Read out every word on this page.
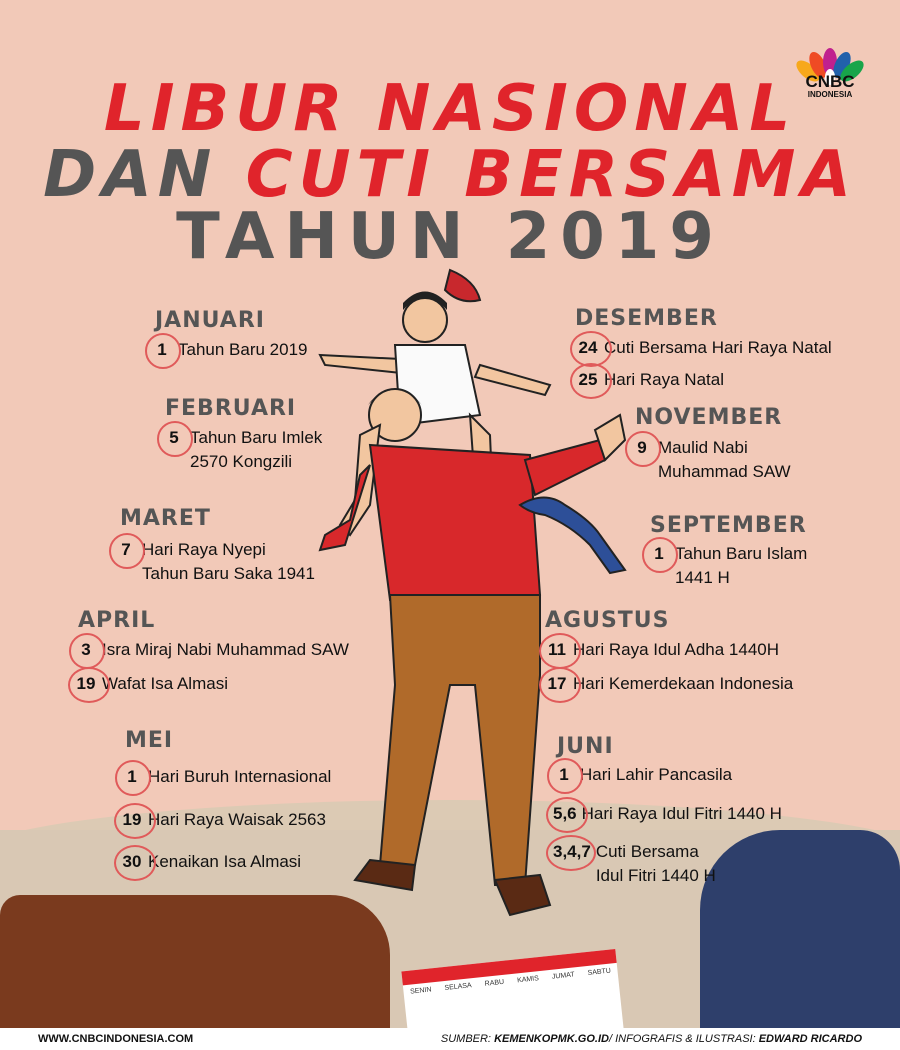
LIBUR NASIONAL
DAN CUTI BERSAMA
TAHUN 2019
CNBC
INDONESIA
SENIN SELASA RABU KAMIS JUMAT SABTU
JANUARI
1 Tahun Baru 2019
FEBRUARI
5 Tahun Baru Imlek
2570 Kongzili
MARET
7 Hari Raya Nyepi
Tahun Baru Saka 1941
APRIL
3 Isra Miraj Nabi Muhammad SAW
19 Wafat Isa Almasi
MEI
1 Hari Buruh Internasional
19 Hari Raya Waisak 2563
30 Kenaikan Isa Almasi
DESEMBER
24 Cuti Bersama Hari Raya Natal
25 Hari Raya Natal
NOVEMBER
9 Maulid Nabi
Muhammad SAW
SEPTEMBER
1 Tahun Baru Islam
1441 H
AGUSTUS
11 Hari Raya Idul Adha 1440H
17 Hari Kemerdekaan Indonesia
JUNI
1 Hari Lahir Pancasila
5,6 Hari Raya Idul Fitri 1440 H
3,4,7 Cuti Bersama
Idul Fitri 1440 H
WWW.CNBCINDONESIA.COM	SUMBER: KEMENKOPMK.GO.ID/ INFOGRAFIS & ILUSTRASI: EDWARD RICARDO
